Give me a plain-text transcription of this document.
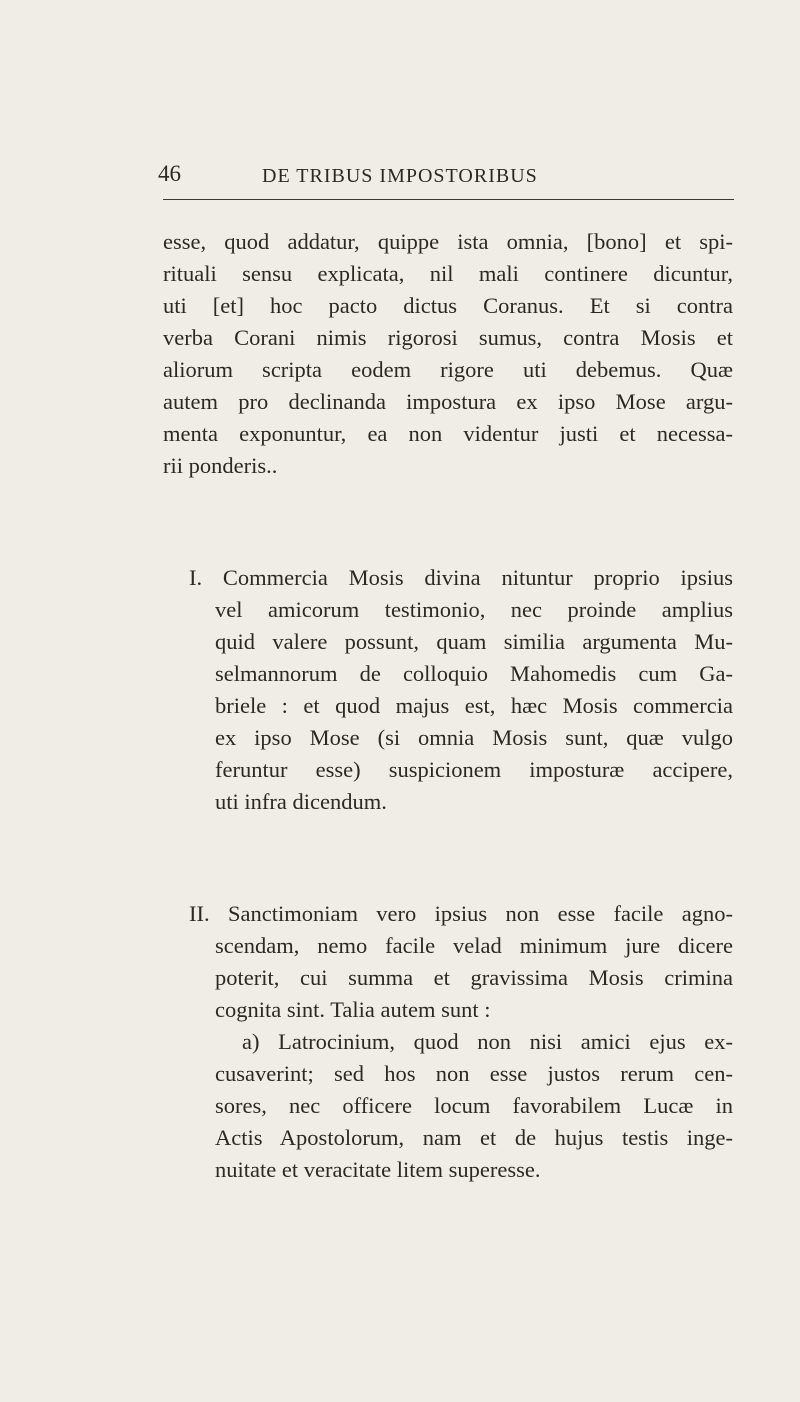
46	DE TRIBUS IMPOSTORIBUS
esse, quod addatur, quippe ista omnia, [bono] et spi-
rituali sensu explicata, nil mali continere dicuntur,
uti [et] hoc pacto dictus Coranus. Et si contra
verba Corani nimis rigorosi sumus, contra Mosis et
aliorum scripta eodem rigore uti debemus. Quæ
autem pro declinanda impostura ex ipso Mose argu-
menta exponuntur, ea non videntur justi et necessa-
rii ponderis..
I. Commercia Mosis divina nituntur proprio ipsius
vel amicorum testimonio, nec proinde amplius
quid valere possunt, quam similia argumenta Mu-
selmannorum de colloquio Mahomedis cum Ga-
briele : et quod majus est, hæc Mosis commercia
ex ipso Mose (si omnia Mosis sunt, quæ vulgo
feruntur esse) suspicionem imposturæ accipere,
uti infra dicendum.
II. Sanctimoniam vero ipsius non esse facile agno-
scendam, nemo facile velad minimum jure dicere
poterit, cui summa et gravissima Mosis crimina
cognita sint. Talia autem sunt :
a) Latrocinium, quod non nisi amici ejus ex-
cusaverint; sed hos non esse justos rerum cen-
sores, nec officere locum favorabilem Lucæ in
Actis Apostolorum, nam et de hujus testis inge-
nuitate et veracitate litem superesse.
